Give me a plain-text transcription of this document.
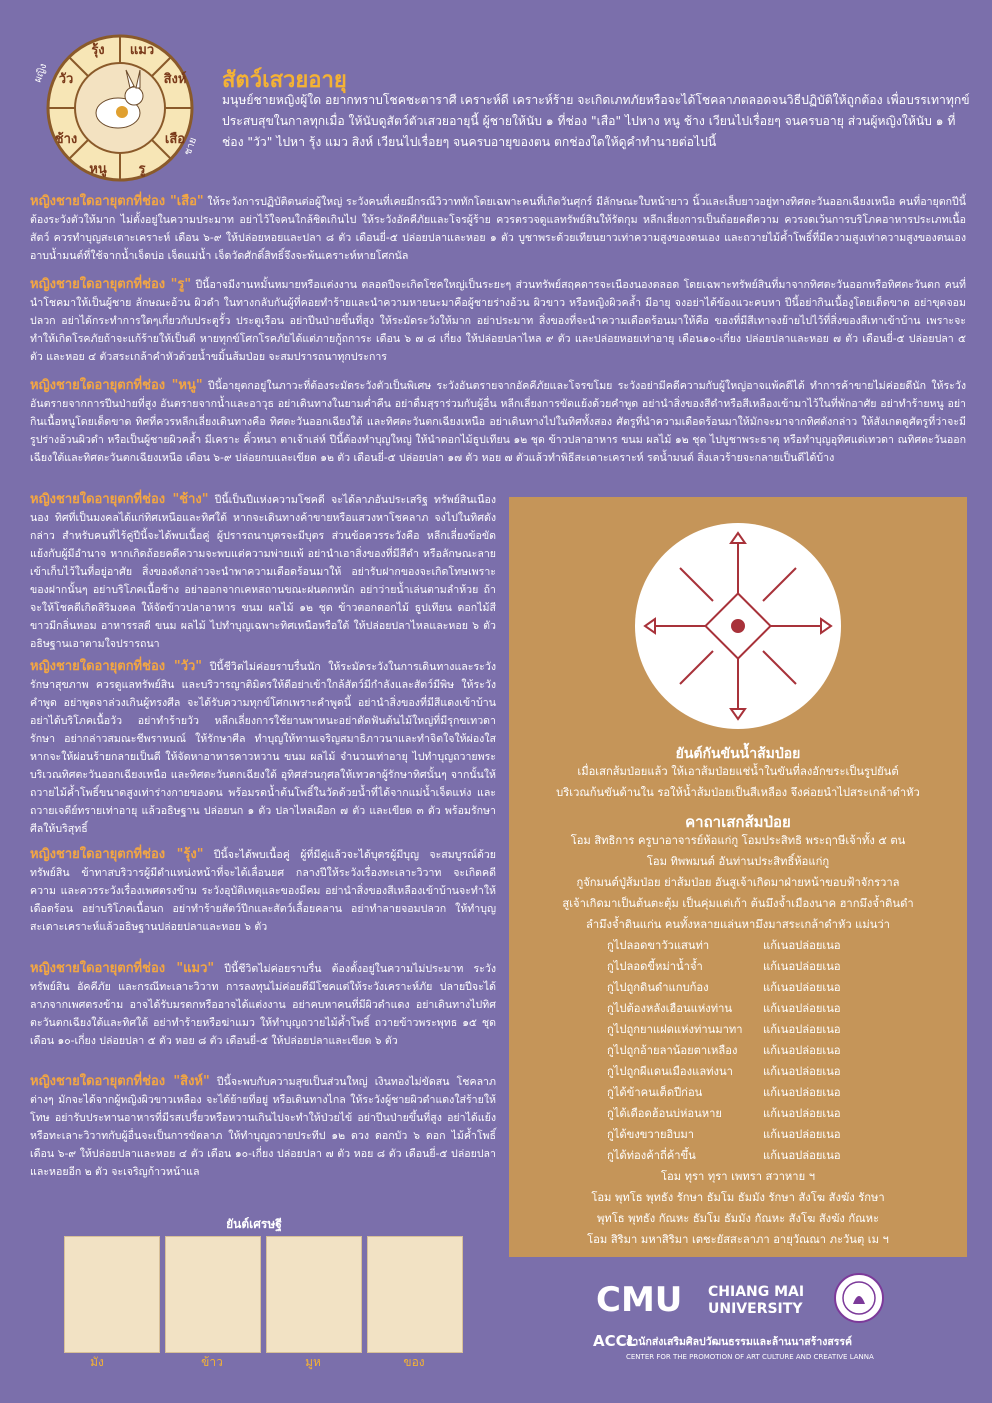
รุ้ง แมว
สิงห์
เสือ
รู
หนู
ช้าง
วัว
ผญิง
ชาย
สัตว์เสวยอายุ
มนุษย์ชายหญิงผู้ใด อยากทราบโชคชะตาราศี เคราะห์ดี เคราะห์ร้าย จะเกิดเภทภัยหรือจะได้โชคลาภตลอดจนวิธีปฏิบัติให้ถูกต้อง เพื่อบรรเทาทุกข์ประสบสุขในกาลทุกเมื่อ ให้นับดูสัตว์ตัวเสวยอายุนี้ ผู้ชายให้นับ ๑ ที่ช่อง "เสือ" ไปหาง หนู ช้าง เวียนไปเรื่อยๆ จนครบอายุ ส่วนผู้หญิงให้นับ ๑ ที่ช่อง "วัว" ไปหา รุ้ง แมว สิงห์ เวียนไปเรื่อยๆ จนครบอายุของตน ตกช่องใดให้ดูคำทำนายต่อไปนี้
หญิงชายใดอายุตกที่ช่อง "เสือ" ให้ระวังการปฏิบัติตนต่อผู้ใหญ่ ระวังคนที่เคยมีกรณีวิวาททักโดยเฉพาะคนที่เกิดวันศุกร์ มีลักษณะใบหน้ายาว นิ้วและเล็บยาวอยู่ทางทิศตะวันออกเฉียงเหนือ คนที่อายุตกปีนี้ต้องระวังตัวให้มาก ไม่ตั้งอยู่ในความประมาท อย่าไว้ใจคนใกล้ชิดเกินไป ให้ระวังอัคคีภัยและโจรผู้ร้าย ควรตรวจดูแลทรัพย์สินให้รัดกุม หลีกเลี่ยงการเป็นถ้อยคดีความ ควรงดเว้นการบริโภคอาหารประเภทเนื้อสัตว์ ควรทำบุญสะเดาะเคราะห์ เดือน ๖-๙ ให้ปล่อยหอยและปลา ๘ ตัว เดือนยี่-๕ ปล่อยปลาและหอย ๑ ตัว บูชาพระด้วยเทียนยาวเท่าความสูงของตนเอง และถวายไม้ค้ำโพธิ์ที่มีความสูงเท่าความสูงของตนเอง อาบน้ำมนต์ที่ใช้จากน้ำเจ็ดบ่อ เจ็ดแม่น้ำ เจ็ดวัดศักดิ์สิทธิ์จึงจะพ้นเคราะห์หายโศกนัล
หญิงชายใดอายุตกที่ช่อง "รู" ปีนี้อาจมีงานหมั้นหมายหรือแต่งงาน ตลอดปีจะเกิดโชคใหญ่เป็นระยะๆ ส่วนทรัพย์สฤคดารจะเนืองนองตลอด โดยเฉพาะทรัพย์สินที่มาจากทิศตะวันออกหรือทิศตะวันตก คนที่นำโชคมาให้เป็นผู้ชาย ลักษณะอ้วน ผิวดำ ในทางกลับกันผู้ที่คอยทำร้ายและนำความหายนะมาคือผู้ชายร่างอ้วน ผิวขาว หรือหญิงผิวคล้ำ มีอายุ จงอย่าได้ข้องแวะคบหา ปีนี้อย่ากินเนื้องูโดยเด็ดขาด อย่าขุดจอมปลวก อย่าได้กระทำการใดๆเกี่ยวกับประตูรั้ว ประตูเรือน อย่าปีนป่ายขึ้นที่สูง ให้ระมัดระวังให้มาก อย่าประมาท สิ่งของที่จะนำความเดือดร้อนมาให้คือ ของที่มีสีเทาจงย้ายไปไว้ที่สิ่งของสีเทาเข้าบ้าน เพราะจะทำให้เกิดโรคภัยถ้าจะแก้ร้ายให้เป็นดี หายทุกข์โศกโรคภัยได้แต่ภายกู้ถการะ เดือน ๖ ๗ ๘ เกี่ยง ให้ปล่อยปลาไหล ๙ ตัว และปล่อยหอยเท่าอายุ เดือน๑๐-เกี่ยง ปล่อยปลาและหอย ๗ ตัว เดือนยี่-๕ ปล่อยปลา ๕ ตัว และหอย ๔ ตัวสระเกล้าคำหัวด้วยน้ำขมิ้นส้มป่อย จะสมปรารถนาทุกประการ
หญิงชายใดอายุตกที่ช่อง "หนู" ปีนี้อายุตกอยู่ในภาวะที่ต้องระมัดระวังตัวเป็นพิเศษ ระวังอันตรายจากอัคคีภัยและโจรขโมย ระวังอย่ามีคดีความกับผู้ใหญ่อาจแพ้คดีได้ ทำการค้าขายไม่ค่อยดีนัก ให้ระวังอันตรายจากการปีนป่ายที่สูง อันตรายจากน้ำและอาวุธ อย่าเดินทางในยามค่ำคืน อย่าดื่มสุราร่วมกับผู้อื่น หลีกเลี่ยงการขัดแย้งด้วยคำพูด อย่านำสิ่งของสีดำหรือสีเหลืองเข้ามาไว้ในที่พักอาศัย อย่าทำร้ายหนู อย่ากินเนื้อหนูโดยเด็ดขาด ทิศที่ควรหลีกเลี่ยงเดินทางคือ ทิศตะวันออกเฉียงใต้ และทิศตะวันตกเฉียงเหนือ อย่าเดินทางไปในทิศทั้งสอง ศัตรูที่นำความเดือดร้อนมาให้มักจะมาจากทิศดังกล่าว ให้สังเกตดูศัตรูที่ว่าจะมีรูปร่างอ้วนผิวดำ หรือเป็นผู้ชายผิวคล้ำ มีเคราะ คิ้วหนา ตาเจ้าเล่ห์ ปีนี้ต้องทำบุญใหญ่ ให้นำดอกไม้ธูปเทียน ๑๒ ชุด ข้าวปลาอาหาร ขนม ผลไม้ ๑๒ ชุด ไปบูชาพระธาตุ หรือทำบุญอุทิศแด่เทวดา ณทิศตะวันออกเฉียงใต้และทิศตะวันตกเฉียงเหนือ เดือน ๖-๙ ปล่อยกบและเขียด ๑๒ ตัว เดือนยี่-๕ ปล่อยปลา ๑๗ ตัว หอย ๗ ตัวแล้วทำพิธีสะเดาะเคราะห์ รดน้ำมนต์ สิ่งเลวร้ายจะกลายเป็นดีได้บ้าง
หญิงชายใดอายุตกที่ช่อง "ช้าง" ปีนี้เป็นปีแห่งความโชคดี จะได้ลาภอันประเสริฐ ทรัพย์สินเนืองนอง ทิศที่เป็นมงคลได้แก่ทิศเหนือและทิศใต้ หากจะเดินทางค้าขายหรือแสวงหาโชคลาภ จงไปในทิศดังกล่าว สำหรับคนที่ไร้คู่ปีนี้จะได้พบเนื้อคู่ ผู้ปรารถนาบุตรจะมีบุตร ส่วนข้อควรระวังคือ หลีกเลี่ยงข้อขัดแย้งกับผู้มีอำนาจ หากเกิดถ้อยคดีความจะพบแต่ความพ่ายแพ้ อย่านำเอาสิ่งของที่มีสีดำ หรือลักษณะลายเข้าเก็บไว้ในที่อยู่อาศัย สิ่งของดังกล่าวจะนำพาความเดือดร้อนมาให้ อย่ารับฝากของจะเกิดโทษเพราะของฝากนั้นๆ อย่าบริโภคเนื้อช้าง อย่าออกจากเคหสถานขณะฝนตกหนัก อย่าว่ายน้ำเล่นตามลำห้วย ถ้าจะให้โชคดีเกิดสิริมงคล ให้จัดข้าวปลาอาหาร ขนม ผลไม้ ๑๒ ชุด ข้าวตอกดอกไม้ ธูปเทียน ดอกไม้สีขาวมีกลิ่นหอม อาหารรสดี ขนม ผลไม้ ไปทำบุญเฉพาะทิศเหนือหรือใต้ ให้ปล่อยปลาไหลและหอย ๖ ตัว อธิษฐานเอาตามใจปรารถนา
หญิงชายใดอายุตกที่ช่อง "วัว" ปีนี้ชีวิตไม่ค่อยราบรื่นนัก ให้ระมัดระวังในการเดินทางและระวังรักษาสุขภาพ ควรดูแลทรัพย์สิน และบริวารญาติมิตรให้ดีอย่าเข้าใกล้สัตว์มีกำลังและสัตว์มีพิษ ให้ระวังคำพูด อย่าพูดจาล่วงเกินผู้ทรงศีล จะได้รับความทุกข์โศกเพราะคำพูดนี้ อย่านำสิ่งของที่มีสีแดงเข้าบ้าน อย่าได้บริโภคเนื้อวัว อย่าทำร้ายวัว หลีกเลี่ยงการใช้ยานพาหนะอย่าตัดฟันต้นไม้ใหญ่ที่มีรุกขเทวดารักษา อย่ากล่าวสมณะชีพราหมณ์ ให้รักษาศีล ทำบุญให้ทานเจริญสมาธิภาวนาและทำจิตใจให้ผ่องใส หากจะให้ผ่อนร้ายกลายเป็นดี ให้จัดหาอาหารคาวหวาน ขนม ผลไม้ จำนวนเท่าอายุ ไปทำบุญถวายพระบริเวณทิศตะวันออกเฉียงเหนือ และทิศตะวันตกเฉียงใต้ อุทิศส่วนกุศลให้เทวดาผู้รักษาทิศนั้นๆ จากนั้นให้ถวายไม้ค้ำโพธิ์ขนาดสูงเท่าร่างกายของตน พร้อมรดน้ำต้นโพธิ์ในวัดด้วยน้ำที่ได้จากแม่น้ำเจ็ดแห่ง และถวายเจดีย์ทรายเท่าอายุ แล้วอธิษฐาน ปล่อยนก ๑ ตัว ปลาไหลเผือก ๗ ตัว และเขียด ๓ ตัว พร้อมรักษาศีลให้บริสุทธิ์
หญิงชายใดอายุตกที่ช่อง "รุ้ง" ปีนี้จะได้พบเนื้อคู่ ผู้ที่มีคู่แล้วจะได้บุตรผู้มีบุญ จะสมบูรณ์ด้วยทรัพย์สิน ข้าทาสบริวารผู้มีตำแหน่งหน้าที่จะได้เลื่อนยศ กลางปีให้ระวังเรื่องทะเลาะวิวาท จะเกิดคดีความ และควรระวังเรื่องเพศตรงข้าม ระวังอุบัติเหตุและของมีคม อย่านำสิ่งของสีเหลืองเข้าบ้านจะทำให้เดือดร้อน อย่าบริโภคเนื้อนก อย่าทำร้ายสัตว์ปีกและสัตว์เลื้อยคลาน อย่าทำลายจอมปลวก ให้ทำบุญสะเดาะเคราะห์แล้วอธิษฐานปล่อยปลาและหอย ๖ ตัว
หญิงชายใดอายุตกที่ช่อง "แมว" ปีนี้ชีวิตไม่ค่อยราบรื่น ต้องตั้งอยู่ในความไม่ประมาท ระวังทรัพย์สิน อัคคีภัย และกรณีทะเลาะวิวาท การลงทุนไม่ค่อยดีมีโชคแต่ให้ระวังเคราะห์ภัย ปลายปีจะได้ลาภจากเพศตรงข้าม อาจได้รับมรดกหรืออาจได้แต่งงาน อย่าคบหาคนที่มีผิวดำแดง อย่าเดินทางไปทิศตะวันตกเฉียงใต้และทิศใต้ อย่าทำร้ายหรือฆ่าแมว ให้ทำบุญถวายไม้ค้ำโพธิ์ ถวายข้าวพระพุทธ ๑๕ ชุด เดือน ๑๐-เกี่ยง ปล่อยปลา ๕ ตัว หอย ๘ ตัว เดือนยี่-๕ ให้ปล่อยปลาและเขียด ๖ ตัว
หญิงชายใดอายุตกที่ช่อง "สิงห์" ปีนี้จะพบกับความสุขเป็นส่วนใหญ่ เงินทองไม่ขัดสน โชคลาภต่างๆ มักจะได้จากผู้หญิงผิวขาวเหลือง จะได้ย้ายที่อยู่ หรือเดินทางไกล ให้ระวังผู้ชายผิวดำแดงใส่ร้ายให้โทษ อย่ารับประทานอาหารที่มีรสเปรี้ยวหรือหวานเกินไปจะทำให้ป่วยไข้ อย่าปีนป่ายขึ้นที่สูง อย่าได้แย้งหรือทะเลาะวิวาทกับผู้อื่นจะเป็นการขัดลาภ ให้ทำบุญถวายประทีป ๑๒ ดวง ดอกบัว ๖ ดอก ไม้ค้ำโพธิ์ เดือน ๖-๙ ให้ปล่อยปลาและหอย ๔ ตัว เดือน ๑๐-เกี่ยง ปล่อยปลา ๗ ตัว หอย ๘ ตัว เดือนยี่-๕ ปล่อยปลาและหอยอีก ๒ ตัว จะเจริญก้าวหน้าแล
ยันต์กันขันน้ำส้มป่อย
เมื่อเสกส้มป่อยแล้ว ให้เอาส้มป่อยแช่น้ำในขันที่ลงอักขระเป็นรูปยันต์
บริเวณก้นขันด้านใน รอให้น้ำส้มป่อยเป็นสีเหลือง จึงค่อยนำไปสระเกล้าดำหัว
คาถาเสกส้มป่อย
โอม สิทธิการ ครูบาอาจารย์ห้อแก่กู โอมประสิทธิ พระฤาษีเจ้าทั้ง ๕ ตน
โอม ทิพพมนต์ อันท่านประสิทธิ์ห้อแก่กู
กูจักมนต์ปู่ส้มป่อย ย่าส้มป่อย อันสูเจ้าเกิดมาฝ่ายหน้าขอบฟ้าจักรวาล
สูเจ้าเกิดมาเป็นต้นตะตุ้ม เป็นคุ่มแต่เก้า ต้นมึงจ้ำเมืองนาค ฮากมึงจ้ำดินดำ
ลำมึงจ้ำดินแก่น คนทั้งหลายแล่นหามึงมาสระเกล้าดำหัว แม่นว่า
กูไปลอดขาวัวแสนท่า	แก้เนอปล่อยเนอ
กูไปลอดขี้หม่าน้ำจ้ำ	แก้เนอปล่อยเนอ
กูไปถูกดินดำแกบก้อง	แก้เนอปล่อยเนอ
กูไปต้องหลังเฮือนแห่งท่าน	แก้เนอปล่อยเนอ
กูไปถูกยาแฝดแห่งท่านมาทา แก้เนอปล่อยเนอ
กูไปถูกอ้ายลาน้อยตาเหลือง แก้เนอปล่อยเนอ
กูไปถูกผีแดนเมืองแลท่งนา	แก้เนอปล่อยเนอ
กูได้ข้าคนเต็ดปีก่อน	แก้เนอปล่อยเนอ
กูได้เดือดฮ้อนบ่ห่อนหาย	แก้เนอปล่อยเนอ
กูได้ขงขวายอิบมา	แก้เนอปล่อยเนอ
กูได้ท่องค้าถี่ค้าขึ้น	แก้เนอปล่อยเนอ
โอม ทุรา ทุรา เพทรา สวาหาย ฯ
โอม พุทโธ พุทธัง รักษา ธัมโม ธัมมัง รักษา สังโฆ สังฆัง รักษา
พุทโธ พุทธัง กัณหะ ธัมโม ธัมมัง กัณหะ สังโฆ สังฆัง กัณหะ
โอม สิริมา มหาสิริมา เตชะยัสสะลาภา อายุวัณณา ภะวันตุ เม ฯ
ยันต์เศรษฐี
มัง	ข้าว	มูห	ของ
CMU CHIANG MAI
UNIVERSITY
ACCL
สำนักส่งเสริมศิลปวัฒนธรรมและล้านนาสร้างสรรค์
CENTER FOR THE PROMOTION OF ART CULTURE AND CREATIVE LANNA
